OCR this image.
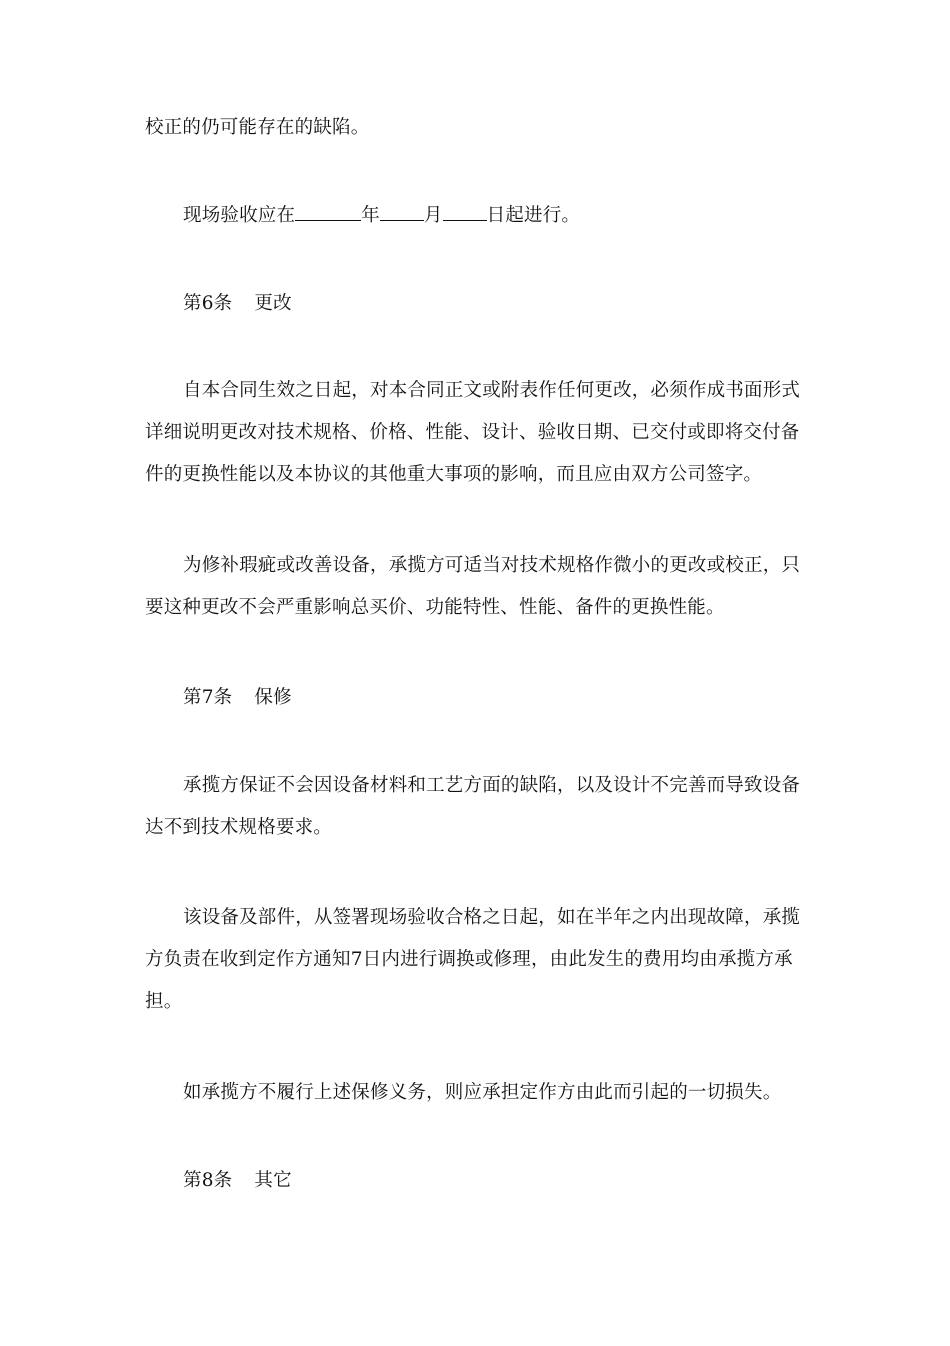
校正的仍可能存在的缺陷。

现场验收应在	年 月 日起进行。

第6条 更改

自本合同生效之日起，对本合同正文或附表作任何更改，必须作成书面形式详细说明更改对技术规格、价格、性能、设计、验收日期、已交付或即将交付备件的更换性能以及本协议的其他重大事项的影响，而且应由双方公司签字。

为修补瑕疵或改善设备，承揽方可适当对技术规格作微小的更改或校正，只要这种更改不会严重影响总买价、功能特性、性能、备件的更换性能。

第7条 保修

承揽方保证不会因设备材料和工艺方面的缺陷，以及设计不完善而导致设备达不到技术规格要求。

该设备及部件，从签署现场验收合格之日起，如在半年之内出现故障，承揽方负责在收到定作方通知7日内进行调换或修理，由此发生的费用均由承揽方承担。

如承揽方不履行上述保修义务，则应承担定作方由此而引起的一切损失。

第8条 其它
